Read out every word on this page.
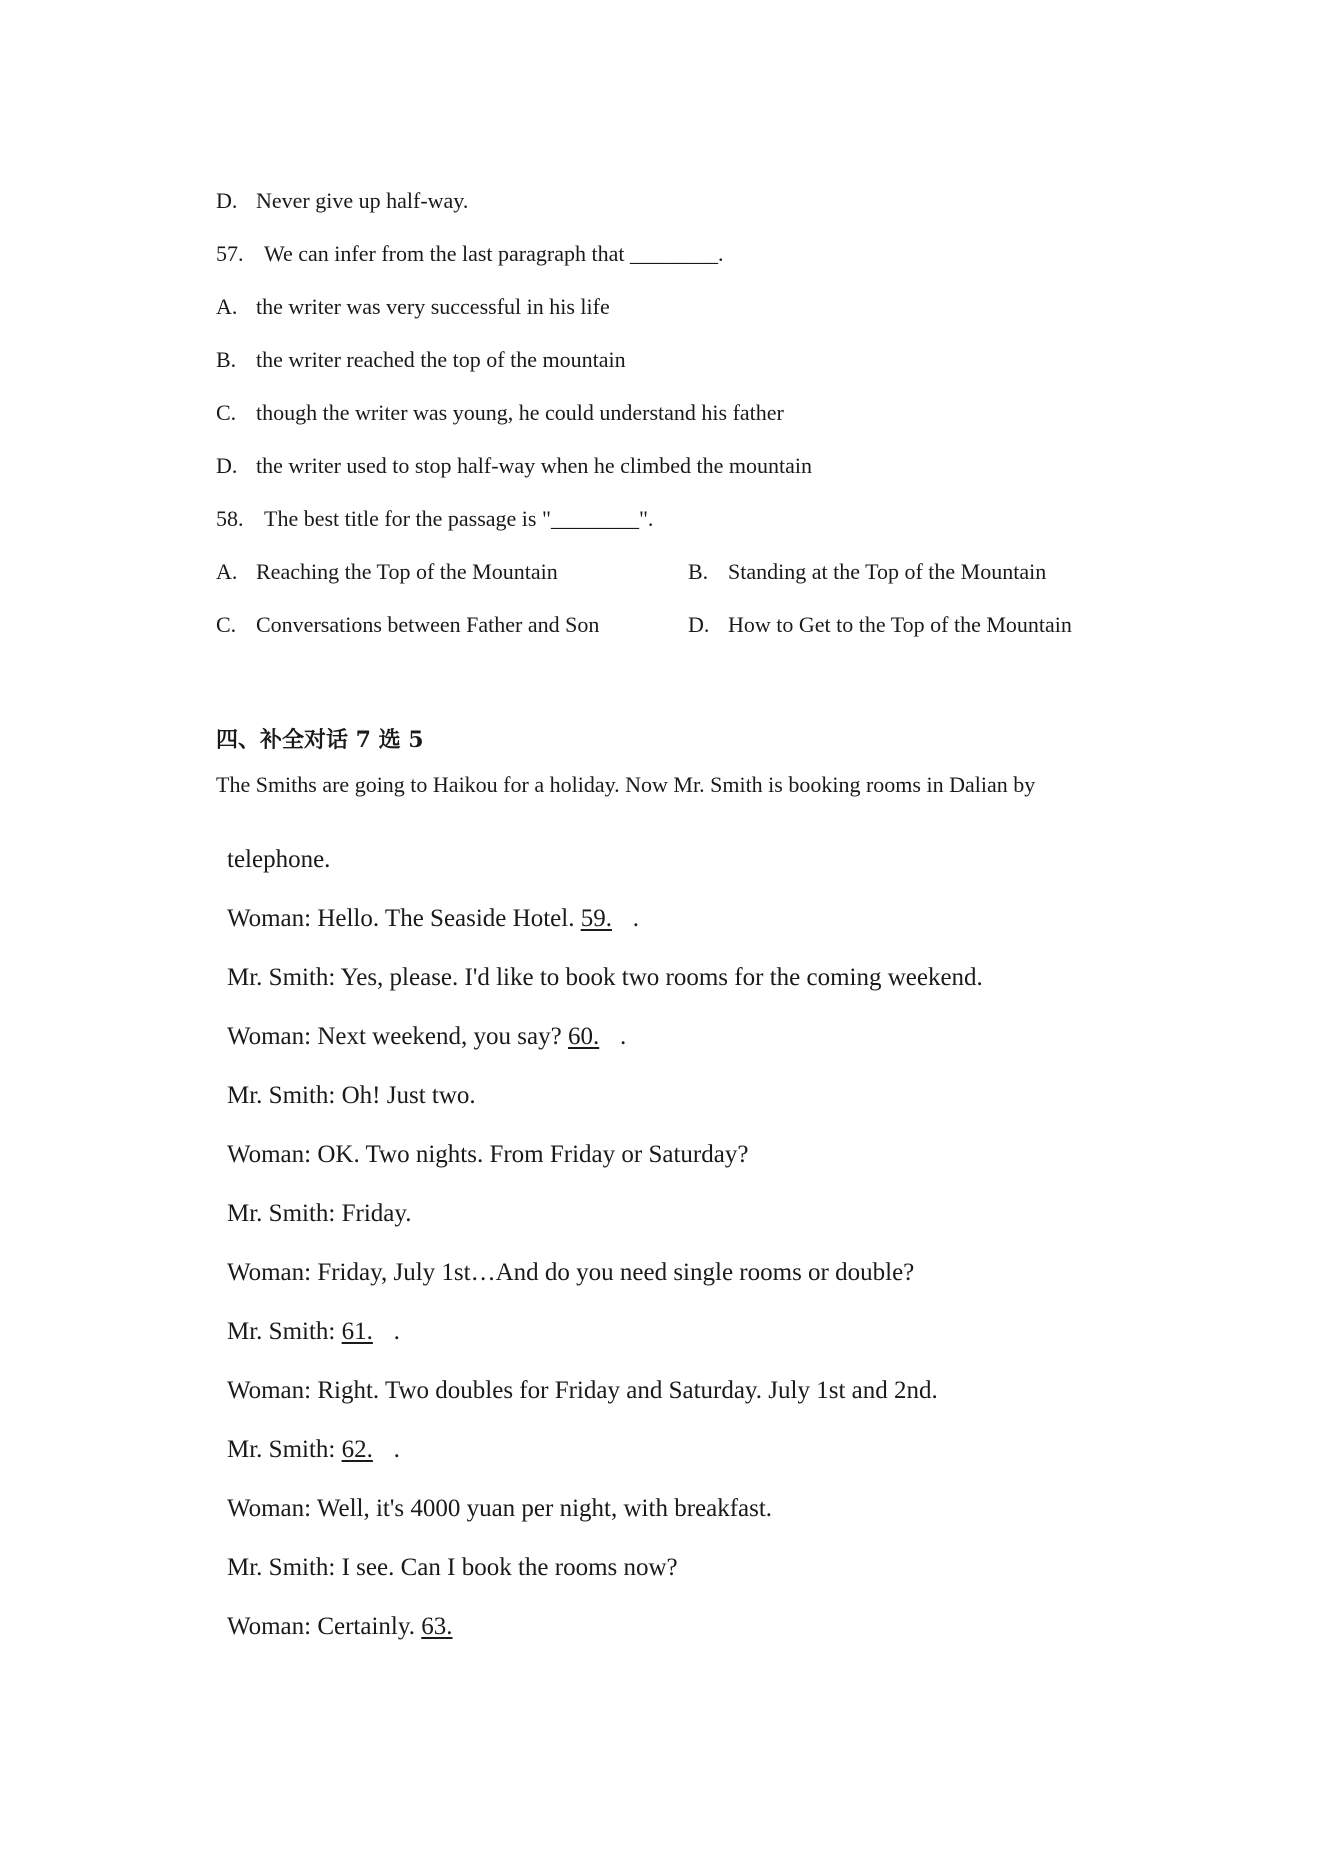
D. Never give up half-way.
57. We can infer from the last paragraph that ________.
A. the writer was very successful in his life
B. the writer reached the top of the mountain
C. though the writer was young, he could understand his father
D. the writer used to stop half-way when he climbed the mountain
58. The best title for the passage is "________".
A. Reaching the Top of the Mountain	B. Standing at the Top of the Mountain
C. Conversations between Father and Son	D. How to Get to the Top of the Mountain
四、补全对话 7 选 5
The Smiths are going to Haikou for a holiday. Now Mr. Smith is booking rooms in Dalian by
telephone.
Woman: Hello. The Seaside Hotel. 59. .
Mr. Smith: Yes, please. I'd like to book two rooms for the coming weekend.
Woman: Next weekend, you say? 60. .
Mr. Smith: Oh! Just two.
Woman: OK. Two nights. From Friday or Saturday?
Mr. Smith: Friday.
Woman: Friday, July 1st…And do you need single rooms or double?
Mr. Smith: 61. .
Woman: Right. Two doubles for Friday and Saturday. July 1st and 2nd.
Mr. Smith: 62. .
Woman: Well, it's 4000 yuan per night, with breakfast.
Mr. Smith: I see. Can I book the rooms now?
Woman: Certainly. 63.
